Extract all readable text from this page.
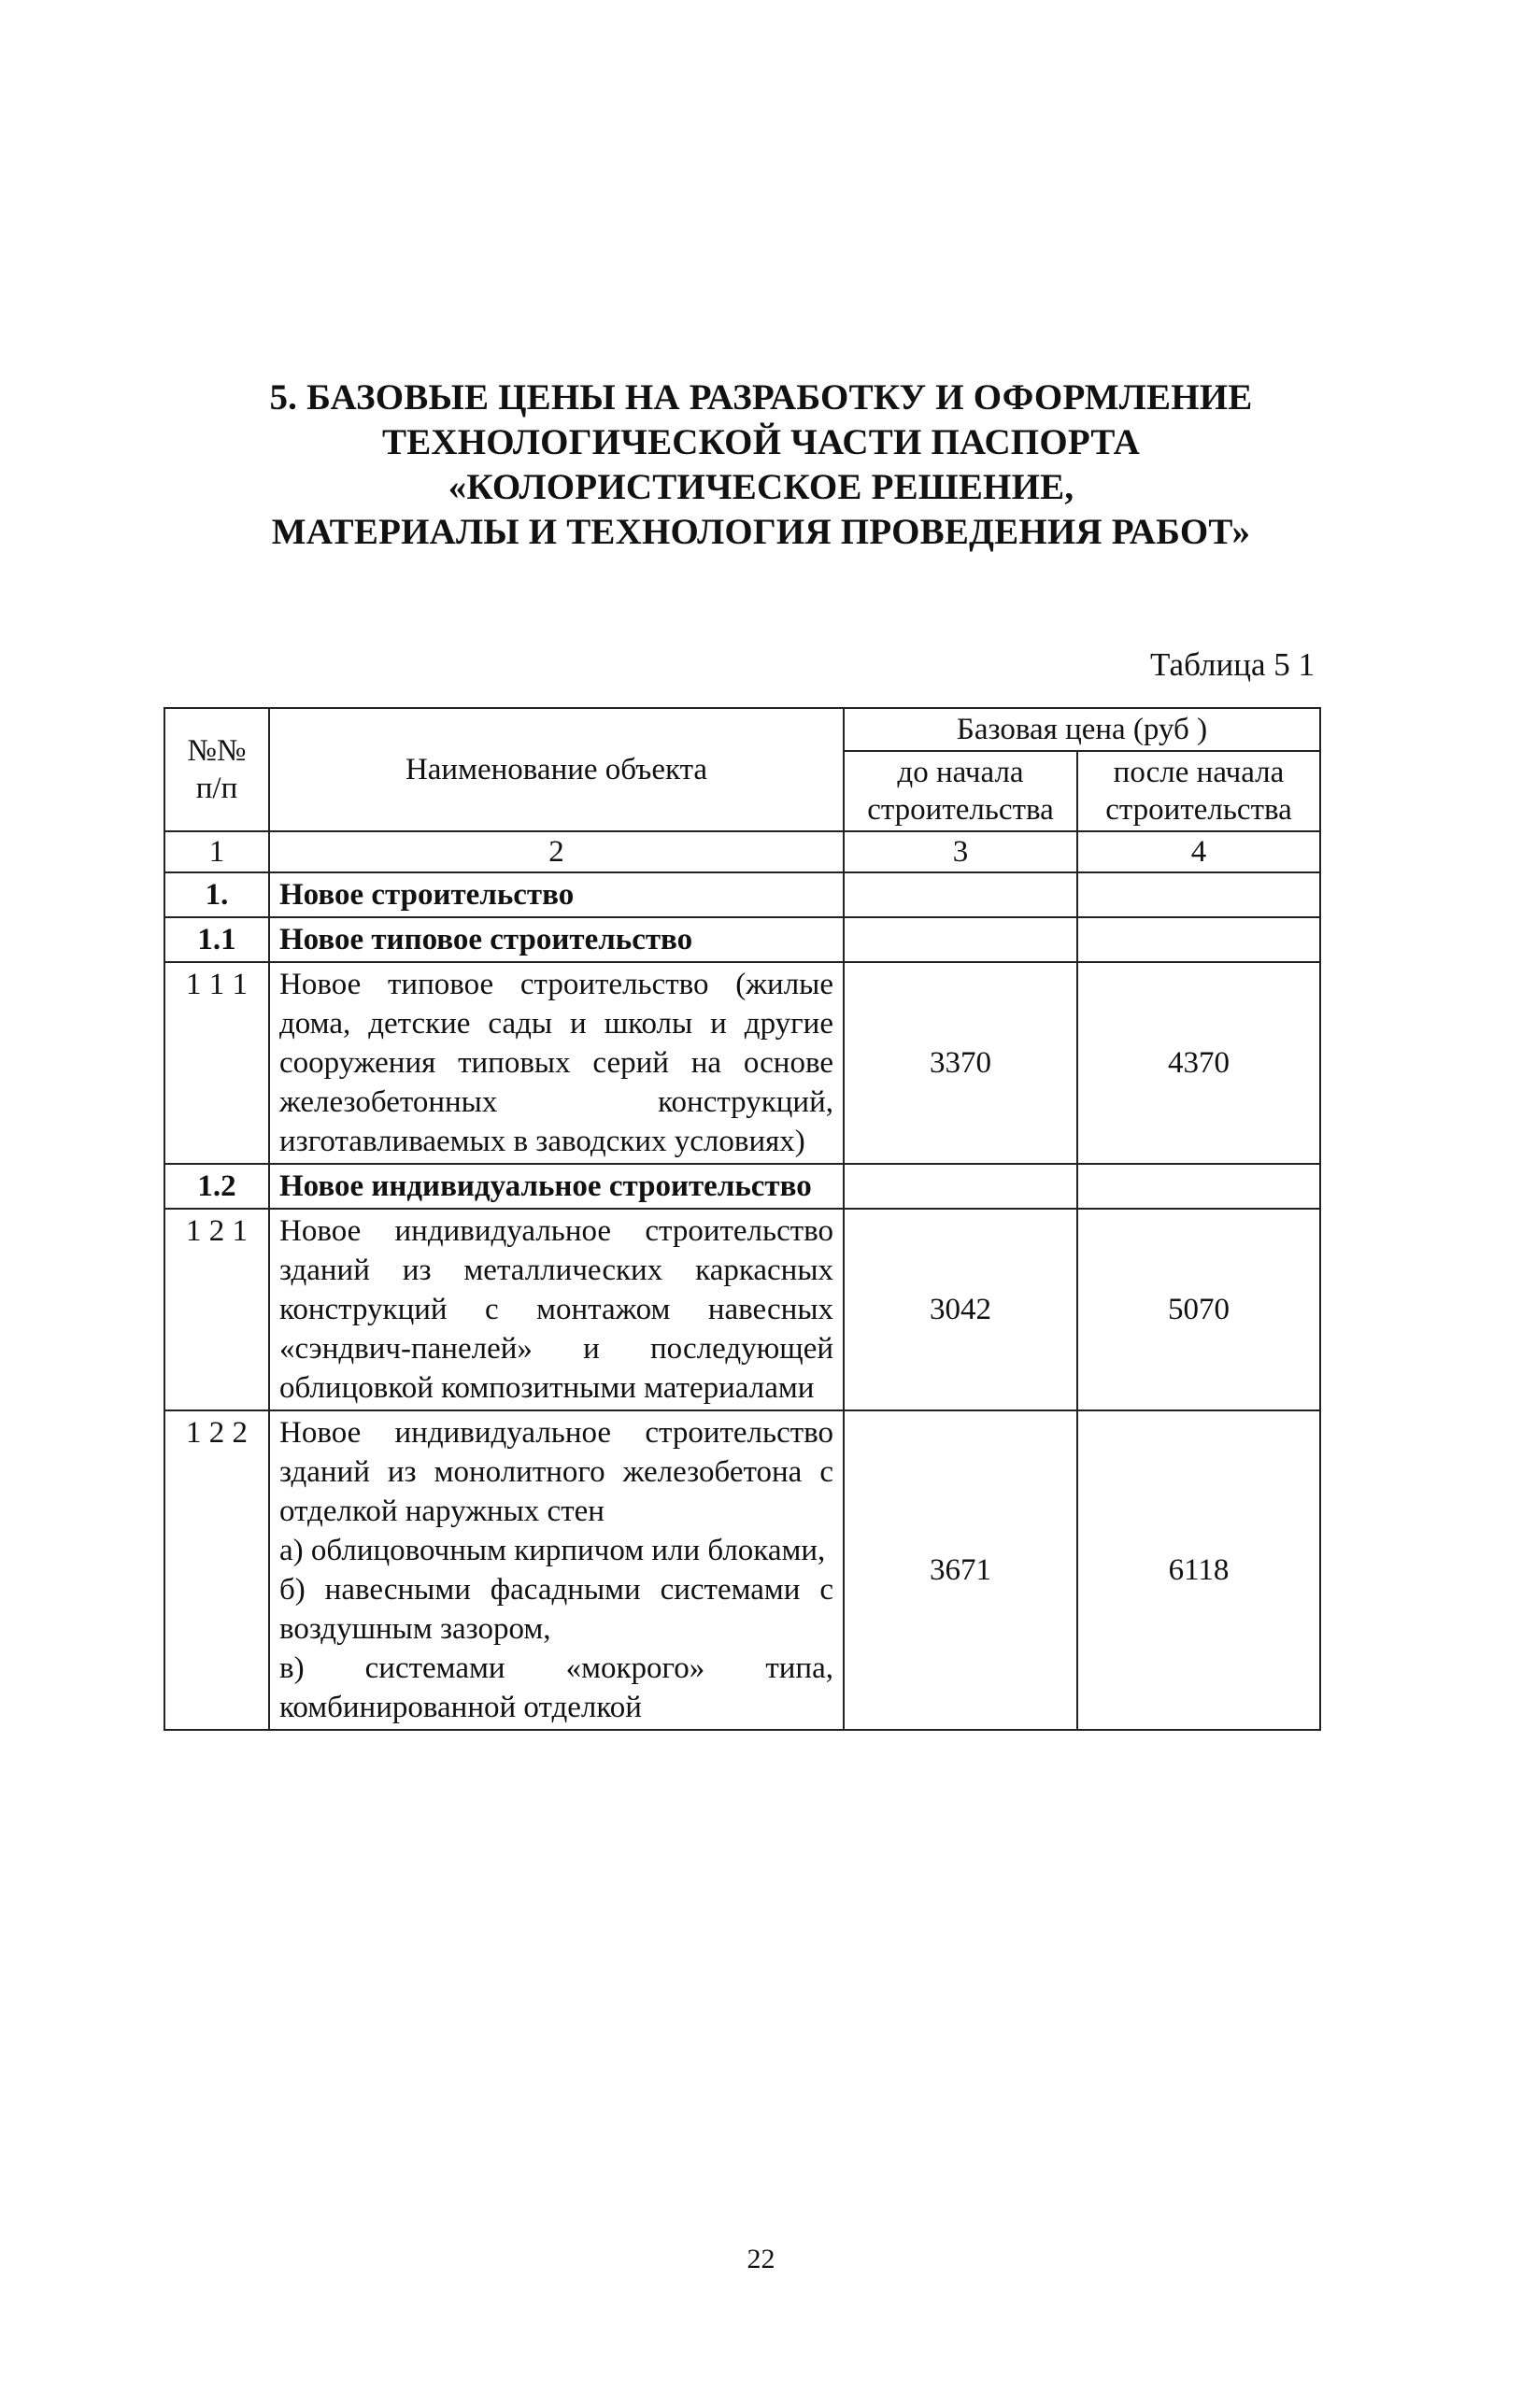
5. БАЗОВЫЕ ЦЕНЫ НА РАЗРАБОТКУ И ОФОРМЛЕНИЕ
ТЕХНОЛОГИЧЕСКОЙ ЧАСТИ ПАСПОРТА
«КОЛОРИСТИЧЕСКОЕ РЕШЕНИЕ,
МАТЕРИАЛЫ И ТЕХНОЛОГИЯ ПРОВЕДЕНИЯ РАБОТ»
Таблица 5 1
№№ п/п	Наименование объекта	Базовая цена (руб )	
		до начала строительства	после начала строительства
1	2	3	4
1.	Новое строительство		
1.1	Новое типовое строительство		
1 1 1	Новое типовое строительство (жилые дома, детские сады и школы и другие сооружения типовых серий на основе железобетонных конструкций, изготавливаемых в заводских условиях)	3370	4370
1.2	Новое индивидуальное строительство		
1 2 1	Новое индивидуальное строительство зданий из металлических каркасных конструкций с монтажом навесных «сэндвич-панелей» и последующей облицовкой композитными материалами	3042	5070
1 2 2	Новое индивидуальное строительство зданий из монолитного железобетона с отделкой наружных стен
а) облицовочным кирпичом или блоками,
б) навесными фасадными системами с воздушным зазором,
в) системами «мокрого» типа, комбинированной отделкой	3671	6118
22
